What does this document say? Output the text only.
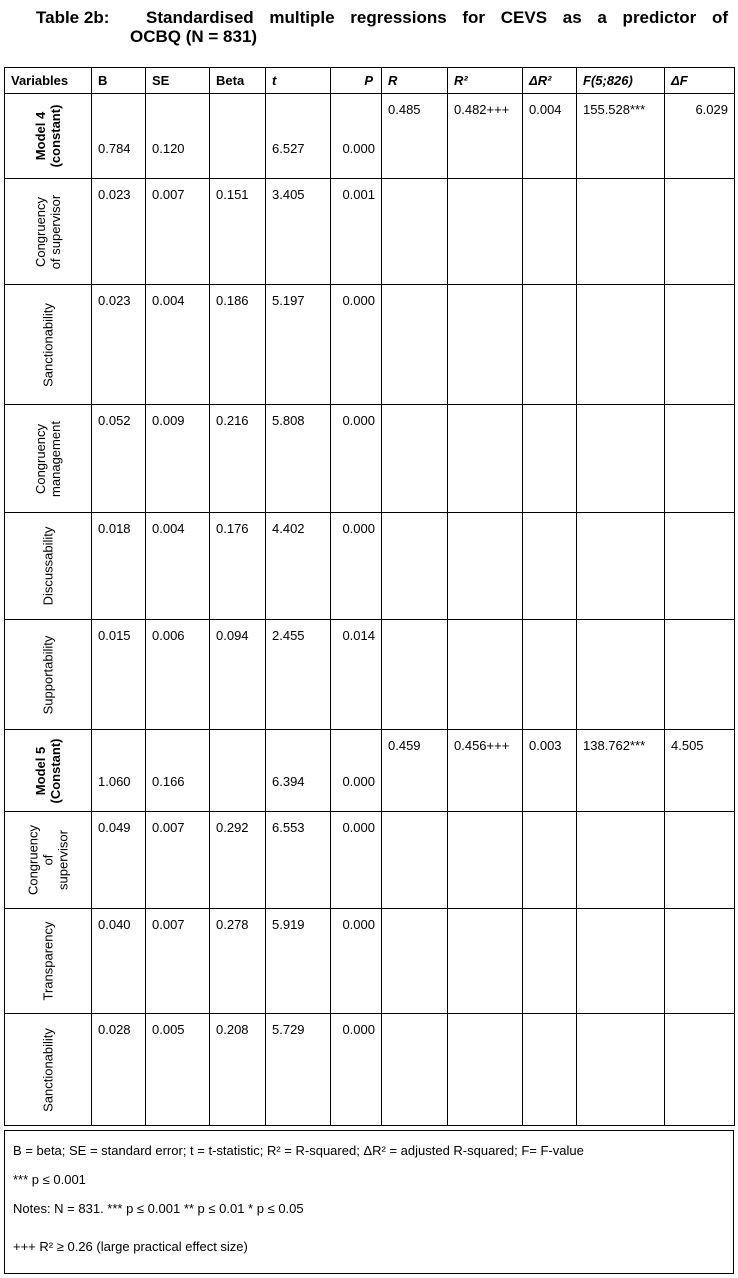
Table 2b:	Standardised multiple regressions for CEVS as a predictor of
OCBQ (N = 831)
Variables	B	SE	Beta	t	P	R	R²	ΔR²	F(5;826)	ΔF

Model 4 (constant)	0.784	0.120		6.527	0.000	0.485	0.482+++	0.004	155.528***	6.029

Congruency of supervisor	0.023	0.007	0.151	3.405	0.001					

Sanctionability	0.023	0.004	0.186	5.197	0.000					

Congruency management	0.052	0.009	0.216	5.808	0.000					

Discussability	0.018	0.004	0.176	4.402	0.000					

Supportability	0.015	0.006	0.094	2.455	0.014					

Model 5 (Constant)	1.060	0.166		6.394	0.000	0.459	0.456+++	0.003	138.762***	4.505

Congruency of supervisor	0.049	0.007	0.292	6.553	0.000					

Transparency	0.040	0.007	0.278	5.919	0.000					

Sanctionability	0.028	0.005	0.208	5.729	0.000					
B = beta; SE = standard error; t = t-statistic; R² = R-squared; ΔR² = adjusted R-squared; F= F-value
*** p ≤ 0.001
Notes: N = 831. *** p ≤ 0.001 ** p ≤ 0.01 * p ≤ 0.05
+++ R² ≥ 0.26 (large practical effect size)
